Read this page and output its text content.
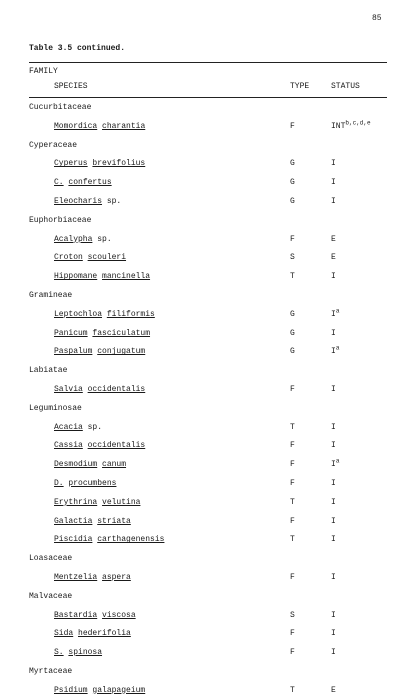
85
Table 3.5 continued.
FAMILY
SPECIES	TYPE	STATUS
Cucurbitaceae
Momordica charantia	F	INT$^{b,c,d,e}$
Cyperaceae
Cyperus brevifolius	G	I
C. confertus	G	I
Eleocharis sp.	G	I
Euphorbiaceae
Acalypha sp.	F	E
Croton scouleri	S	E
Hippomane mancinella	T	I
Gramineae
Leptochloa filiformis	G	$I^a$
Panicum fasciculatum	G	I
Paspalum conjugatum	G	$I^a$
Labiatae
Salvia occidentalis	F	I
Leguminosae
Acacia sp.	T	I
Cassia occidentalis	F	I
Desmodium canum	F	$I^a$
D. procumbens	F	I
Erythrina velutina	T	I
Galactia striata	F	I
Piscidia carthagenensis	T	I
Loasaceae
Mentzelia aspera	F	I
Malvaceae
Bastardia viscosa	S	I
Sida hederifolia	F	I
S. spinosa	F	I
Myrtaceae
Psidium galapageium	T	E
